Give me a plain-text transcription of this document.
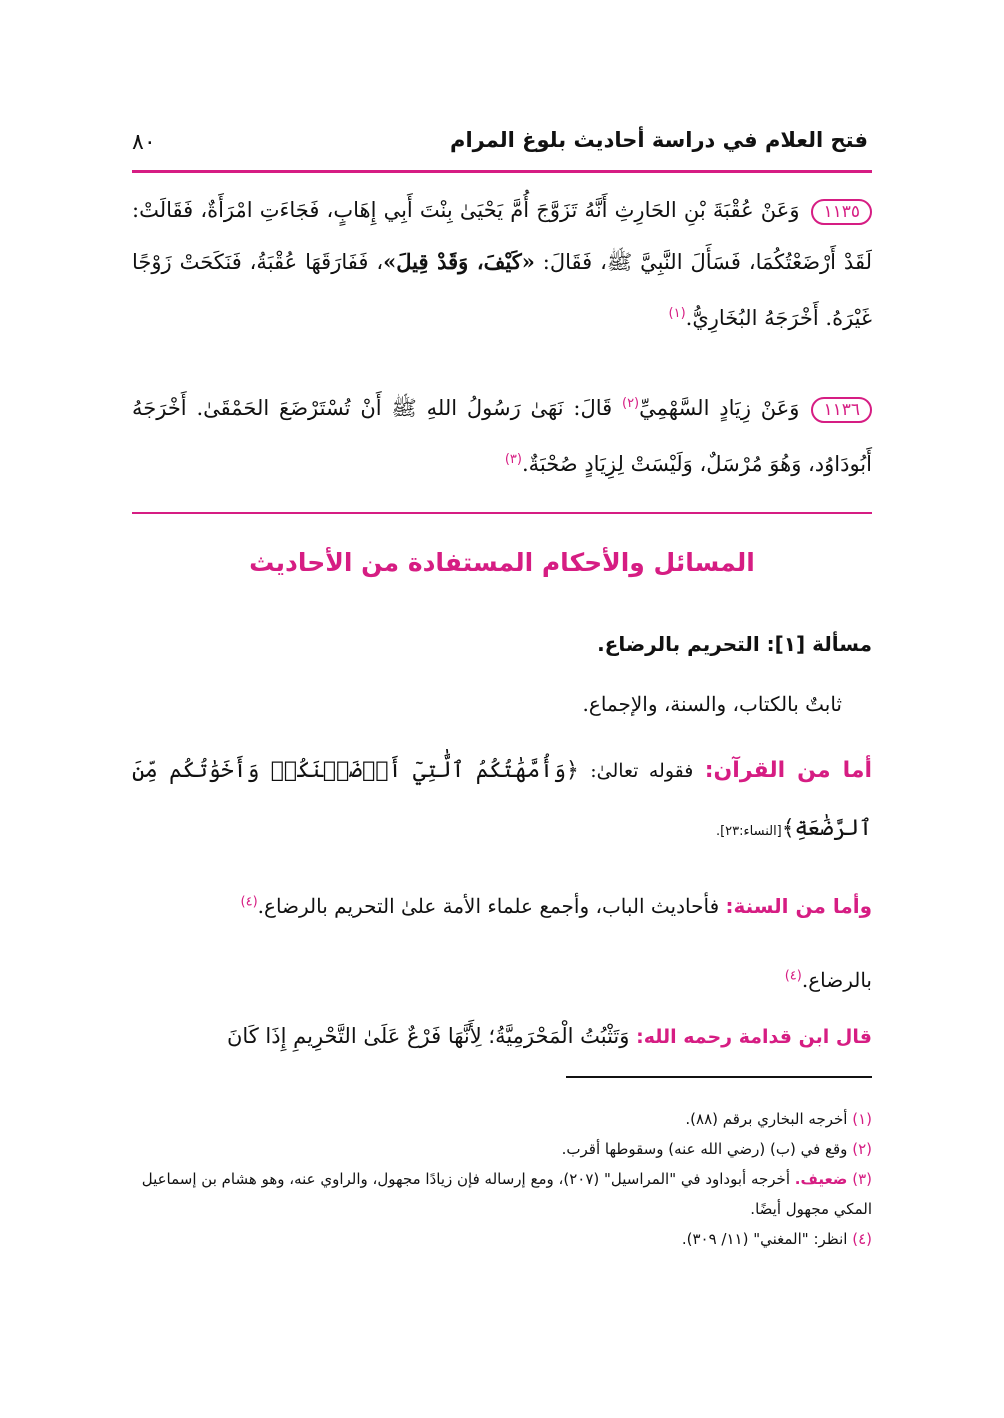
فتح العلام في دراسة أحاديث بلوغ المرام
٨٠
١١٣٥وَعَنْ عُقْبَةَ بْنِ الحَارِثِ أَنَّهُ تَزَوَّجَ أُمَّ يَحْيَىٰ بِنْتَ أَبِي إِهَابٍ، فَجَاءَتِ امْرَأَةٌ، فَقَالَتْ: لَقَدْ أَرْضَعْتُكُمَا، فَسَأَلَ النَّبِيَّ ﷺ، فَقَالَ: «كَيْفَ، وَقَدْ قِيلَ»، فَفَارَقَهَا عُقْبَةُ، فَنَكَحَتْ زَوْجًا غَيْرَهُ. أَخْرَجَهُ البُخَارِيُّ.$^{(١)}$
١١٣٦وَعَنْ زِيَادٍ السَّهْمِيِّ$^{(٢)}$ قَالَ: نَهَىٰ رَسُولُ اللهِ ﷺ أَنْ تُسْتَرْضَعَ الحَمْقَىٰ. أَخْرَجَهُ أَبُودَاوُد، وَهُوَ مُرْسَلٌ، وَلَيْسَتْ لِزِيَادٍ صُحْبَةٌ.$^{(٣)}$
المسائل والأحكام المستفادة من الأحاديث
مسألة [١]: التحريم بالرضاع.
ثابتٌ بالكتاب، والسنة، والإجماع.
أما من القرآن: فقوله تعالىٰ: ﴿وَأُمَّهَٰتُكُمُ ٱلَّٰتِيٓ أَرۡضَعۡنَكُمۡ وَأَخَوَٰتُكُم مِّنَ ٱلرَّضَٰعَةِ﴾[النساء:٢٣].
وأما من السنة: فأحاديث الباب، وأجمع علماء الأمة علىٰ التحريم بالرضاع.$^{(٤)}$
بالرضاع.$^{(٤)}$
قال ابن قدامة رحمه الله: وَتَثْبُتُ الْمَحْرَمِيَّةُ؛ لِأَنَّهَا فَرْعٌ عَلَىٰ التَّحْرِيمِ إِذَا كَانَ
(١) أخرجه البخاري برقم (٨٨).
(٢) وقع في (ب) (رضي الله عنه) وسقوطها أقرب.
(٣) ضعيف. أخرجه أبوداود في "المراسيل" (٢٠٧)، ومع إرساله فإن زيادًا مجهول، والراوي عنه، وهو هشام بن إسماعيل المكي مجهول أيضًا.
(٤) انظر: "المغني" (١١/ ٣٠٩).
